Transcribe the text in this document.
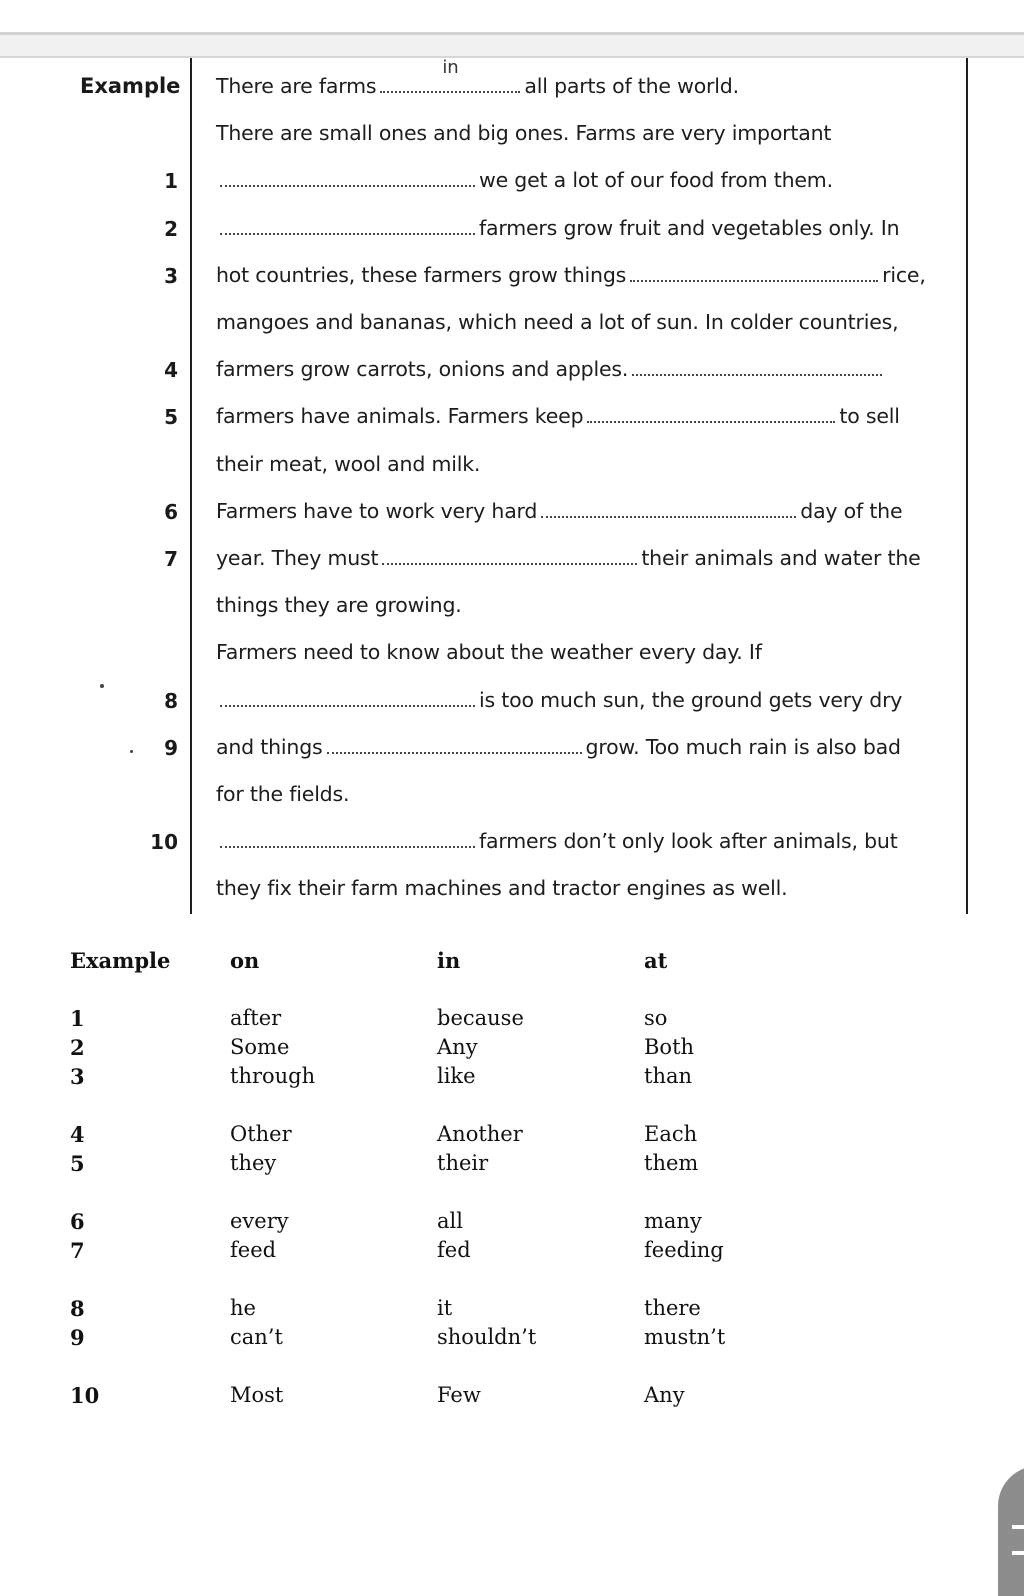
Example There are farms
in
all parts of the world.
There are small ones and big ones. Farms are very important
1	we get a lot of our food from them.
2	farmers grow fruit and vegetables only. In
3 hot countries, these farmers grow things	rice,
mangoes and bananas, which need a lot of sun. In colder countries,
4 farmers grow carrots, onions and apples.
5 farmers have animals. Farmers keep	to sell
their meat, wool and milk.
6 Farmers have to work very hard	day of the
7 year. They must	their animals and water the
things they are growing.
Farmers need to know about the weather every day. If
8	is too much sun, the ground gets very dry
9 and things	grow. Too much rain is also bad
for the fields.
10	farmers don’t only look after animals, but
they fix their farm machines and tractor engines as well.
Example	on	in	at
1	after	because	so
2	Some	Any	Both
3	through	like	than
4	Other	Another	Each
5	they	their	them
6	every	all	many
7	feed	fed	feeding
8	he	it	there
9	can’t	shouldn’t	mustn’t
10	Most	Few	Any
